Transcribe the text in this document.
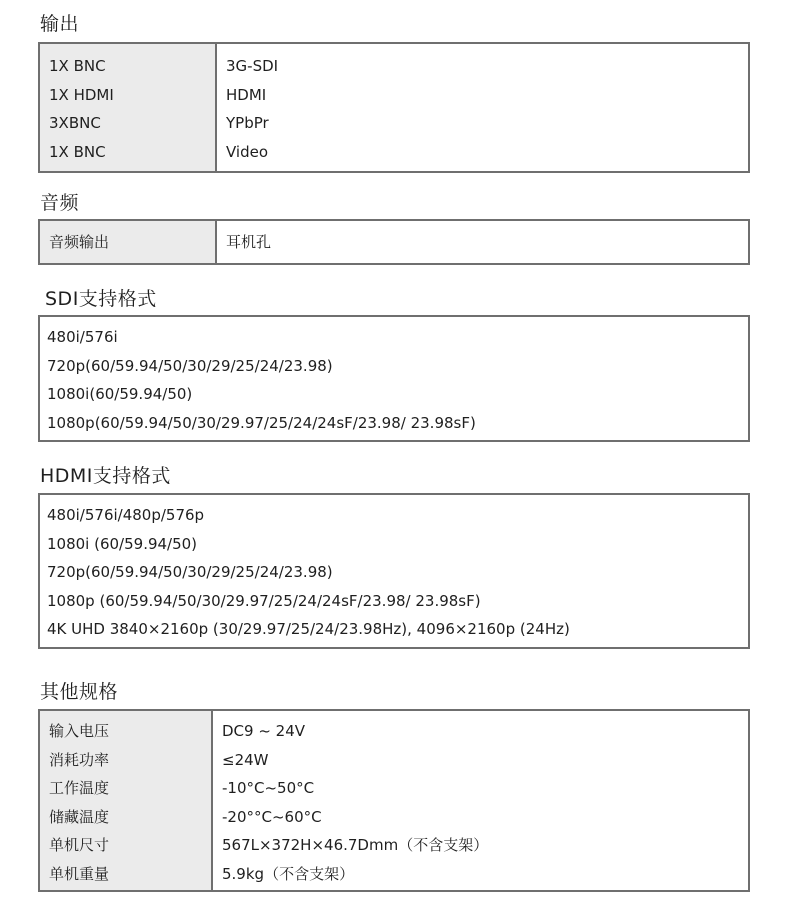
输出
1X BNC
1X HDMI
3XBNC
1X BNC
3G-SDI
HDMI
YPbPr
Video
音频
音频输出	耳机孔
SDI支持格式
480i/576i
720p(60/59.94/50/30/29/25/24/23.98)
1080i(60/59.94/50)
1080p(60/59.94/50/30/29.97/25/24/24sF/23.98/ 23.98sF)
HDMI支持格式
480i/576i/480p/576p
1080i (60/59.94/50)
720p(60/59.94/50/30/29/25/24/23.98)
1080p (60/59.94/50/30/29.97/25/24/24sF/23.98/ 23.98sF)
4K UHD 3840×2160p (30/29.97/25/24/23.98Hz), 4096×2160p (24Hz)
其他规格
输入电压
消耗功率
工作温度
储藏温度
单机尺寸
单机重量
DC9 ~ 24V
≤24W
-10°C~50°C
-20°°C~60°C
567L×372H×46.7Dmm（不含支架）
5.9kg（不含支架）
